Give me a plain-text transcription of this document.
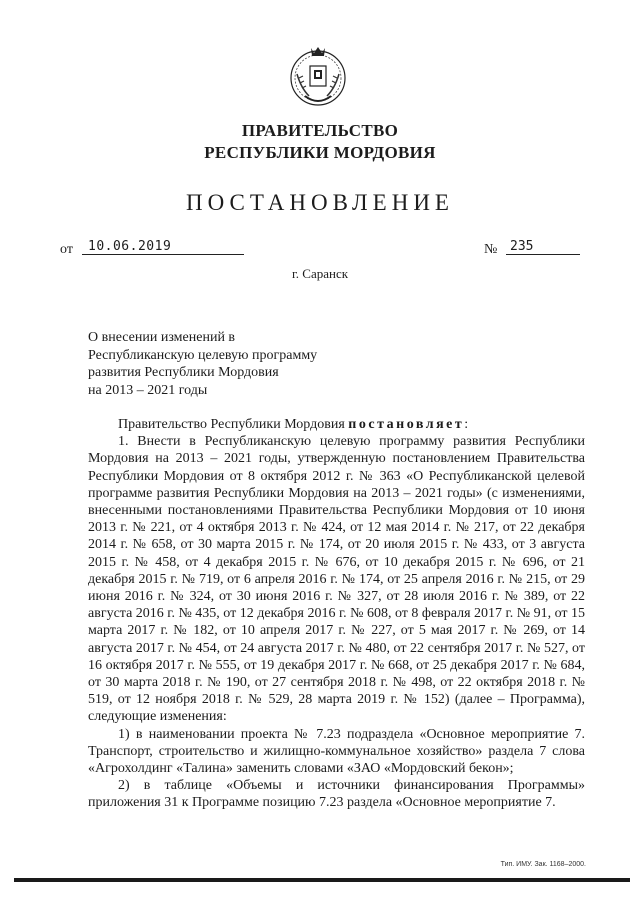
ПРАВИТЕЛЬСТВО
РЕСПУБЛИКИ МОРДОВИЯ
ПОСТАНОВЛЕНИЕ
от	10.06.2019	№ 235
г. Саранск
О внесении изменений в
Республиканскую целевую программу
развития Республики Мордовия
на 2013 – 2021 годы

Правительство Республики Мордовия постановляет:

1. Внести в Республиканскую целевую программу развития Республики Мордовия на 2013 – 2021 годы, утвержденную постановлением Правительства Республики Мордовия от 8 октября 2012 г. № 363 «О Республиканской целевой программе развития Республики Мордовия на 2013 – 2021 годы» (с изменениями, внесенными постановлениями Правительства Республики Мордовия от 10 июня 2013 г. № 221, от 4 октября 2013 г. № 424, от 12 мая 2014 г. № 217, от 22 декабря 2014 г. № 658, от 30 марта 2015 г. № 174, от 20 июля 2015 г. № 433, от 3 августа 2015 г. № 458, от 4 декабря 2015 г. № 676, от 10 декабря 2015 г. № 696, от 21 декабря 2015 г. № 719, от 6 апреля 2016 г. № 174, от 25 апреля 2016 г. № 215, от 29 июня 2016 г. № 324, от 30 июня 2016 г. № 327, от 28 июля 2016 г. № 389, от 22 августа 2016 г. № 435, от 12 декабря 2016 г. № 608, от 8 февраля 2017 г. № 91, от 15 марта 2017 г. № 182, от 10 апреля 2017 г. № 227, от 5 мая 2017 г. № 269, от 14 августа 2017 г. № 454, от 24 августа 2017 г. № 480, от 22 сентября 2017 г. № 527, от 16 октября 2017 г. № 555, от 19 декабря 2017 г. № 668, от 25 декабря 2017 г. № 684, от 30 марта 2018 г. № 190, от 27 сентября 2018 г. № 498, от 22 октября 2018 г. № 519, от 12 ноября 2018 г. № 529, 28 марта 2019 г. № 152) (далее – Программа), следующие изменения:

1) в наименовании проекта № 7.23 подраздела «Основное мероприятие 7. Транспорт, строительство и жилищно-коммунальное хозяйство» раздела 7 слова «Агрохолдинг «Талина» заменить словами «ЗАО «Мордовский бекон»;

2) в таблице «Объемы и источники финансирования Программы» приложения 31 к Программе позицию 7.23 раздела «Основное мероприятие 7.

Тип. ИМУ. Зак. 1168–2000.
